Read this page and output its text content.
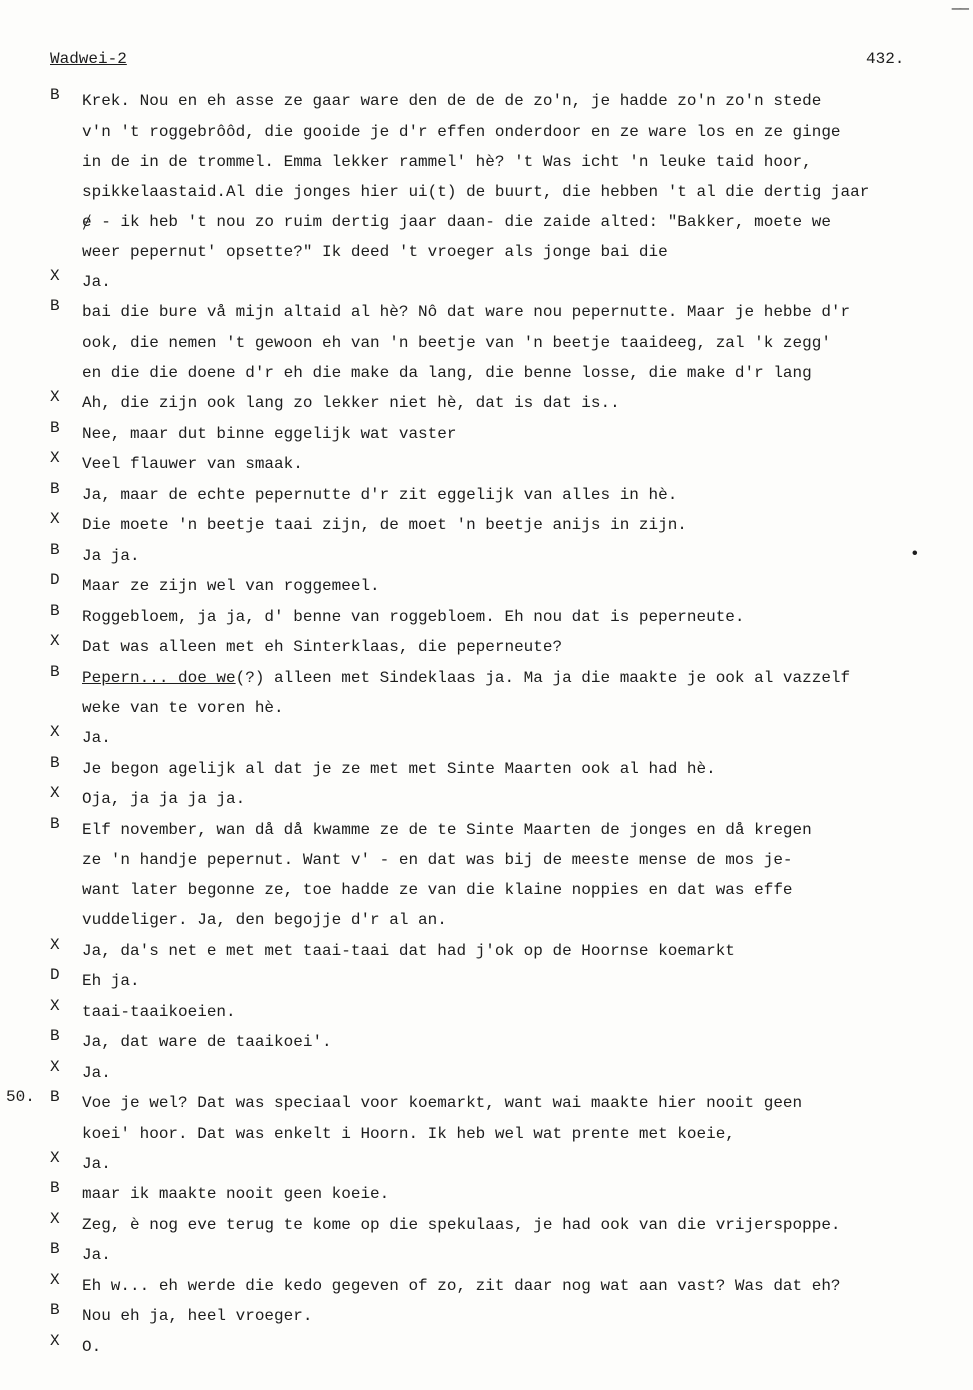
——
Wadwei-2	432.
50.
•
B	Krek. Nou en eh asse ze gaar ware den de de de zo'n, je hadde zo'n zo'n stede
v'n 't roggebrôôd, die gooide je d'r effen onderdoor en ze ware los en ze ginge
in de in de trommel. Emma lekker rammel' hè? 't Was icht 'n leuke taid hoor,
spikkelaastaid.Al die jonges hier ui(t) de buurt, die hebben 't al die dertig jaar
ɇ - ik heb 't nou zo ruim dertig jaar daan- die zaide alted: "Bakker, moete we
weer pepernut' opsette?" Ik deed 't vroeger als jonge bai die
X	Ja.
B	bai die bure vå mijn altaid al hè? Nô dat ware nou pepernutte. Maar je hebbe d'r
ook, die nemen 't gewoon eh van 'n beetje van 'n beetje taaideeg, zal 'k zegg'
en die die doene d'r eh die make da lang, die benne losse, die make d'r lang
X	Ah, die zijn ook lang zo lekker niet hè, dat is dat is..
B	Nee, maar dut binne eggelijk wat vaster
X	Veel flauwer van smaak.
B	Ja, maar de echte pepernutte d'r zit eggelijk van alles in hè.
X	Die moete 'n beetje taai zijn, de moet 'n beetje anijs in zijn.
B	Ja ja.
D	Maar ze zijn wel van roggemeel.
B	Roggebloem, ja ja, d' benne van roggebloem. Eh nou dat is peperneute.
X	Dat was alleen met eh Sinterklaas, die peperneute?
B	Pepern... doe we(?) alleen met Sindeklaas ja. Ma ja die maakte je ook al vazzelf
weke van te voren hè.
X	Ja.
B	Je begon agelijk al dat je ze met met Sinte Maarten ook al had hè.
X	Oja, ja ja ja ja.
B	Elf november, wan då då kwamme ze de te Sinte Maarten de jonges en då kregen
ze 'n handje pepernut. Want v' - en dat was bij de meeste mense de mos je-
want later begonne ze, toe hadde ze van die klaine noppies en dat was effe
vuddeliger. Ja, den begojje d'r al an.
X	Ja, da's net e met met taai-taai dat had j'ok op de Hoornse koemarkt
D	Eh ja.
X	taai-taaikoeien.
B	Ja, dat ware de taaikoei'.
X	Ja.
B	Voe je wel? Dat was speciaal voor koemarkt, want wai maakte hier nooit geen
koei' hoor. Dat was enkelt i Hoorn. Ik heb wel wat prente met koeie,
X	Ja.
B	maar ik maakte nooit geen koeie.
X	Zeg, è nog eve terug te kome op die spekulaas, je had ook van die vrijerspoppe.
B	Ja.
X	Eh w... eh werde die kedo gegeven of zo, zit daar nog wat aan vast? Was dat eh?
B	Nou eh ja, heel vroeger.
X	O.
